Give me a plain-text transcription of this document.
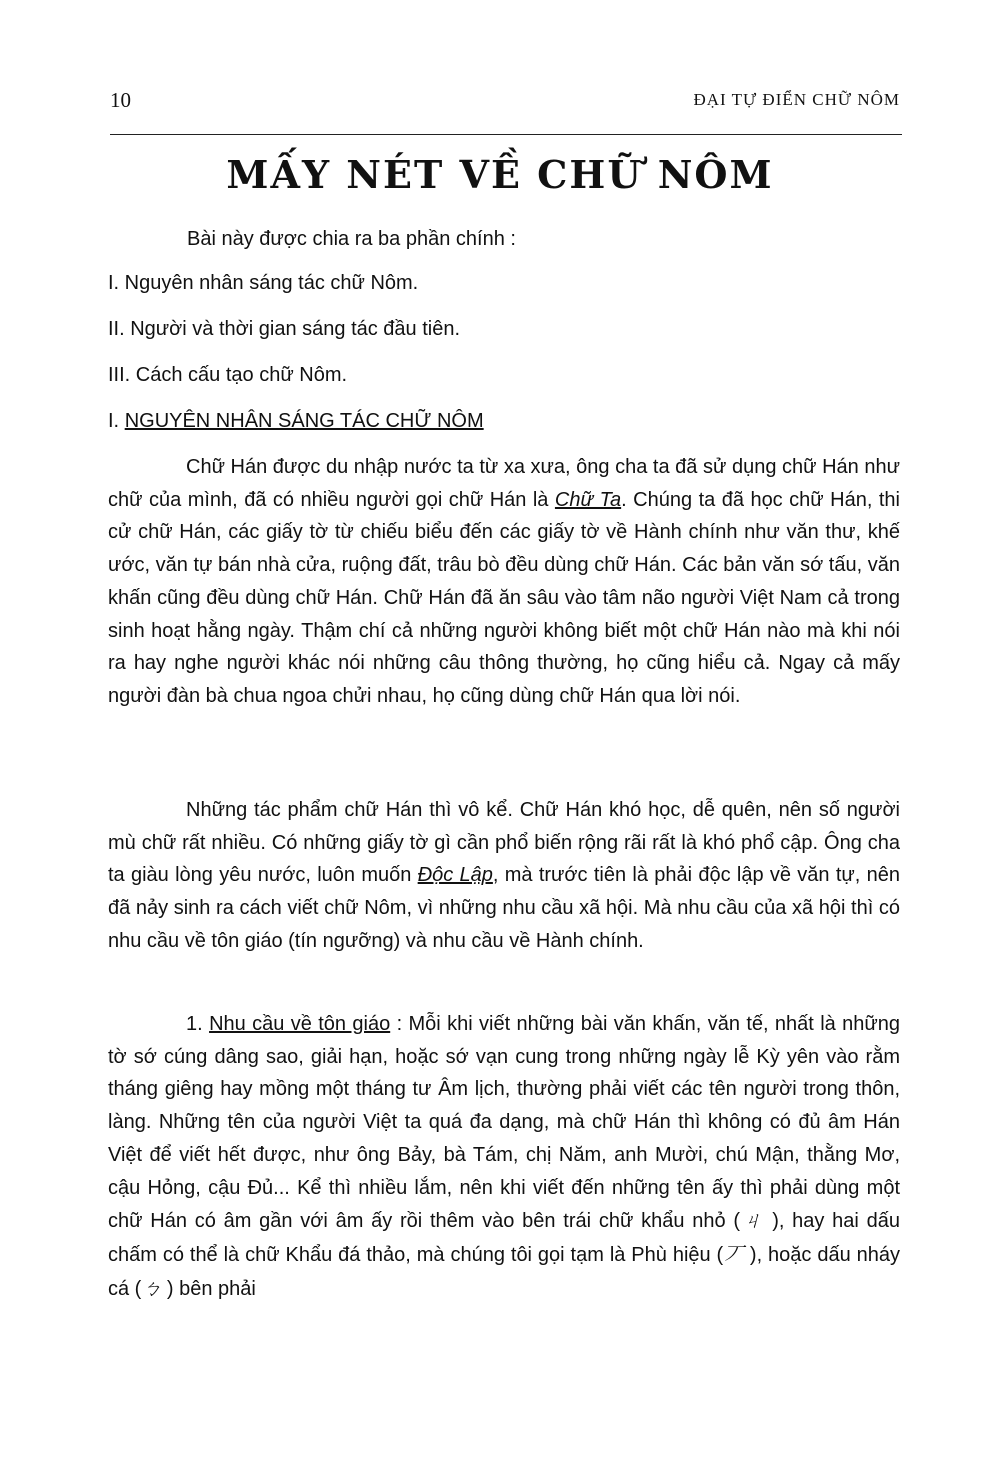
10	ĐẠI TỰ ĐIỂN CHỮ NÔM
MẤY NÉT VỀ CHỮ NÔM
Bài này được chia ra ba phần chính :
I. Nguyên nhân sáng tác chữ Nôm.
II. Người và thời gian sáng tác đầu tiên.
III. Cách cấu tạo chữ Nôm.
I. NGUYÊN NHÂN SÁNG TÁC CHỮ NÔM

Chữ Hán được du nhập nước ta từ xa xưa, ông cha ta đã sử dụng chữ Hán như chữ của mình, đã có nhiều người gọi chữ Hán là Chữ Ta. Chúng ta đã học chữ Hán, thi cử chữ Hán, các giấy tờ từ chiếu biểu đến các giấy tờ về Hành chính như văn thư, khế ước, văn tự bán nhà cửa, ruộng đất, trâu bò đều dùng chữ Hán. Các bản văn sớ tấu, văn khấn cũng đều dùng chữ Hán. Chữ Hán đã ăn sâu vào tâm não người Việt Nam cả trong sinh hoạt hằng ngày. Thậm chí cả những người không biết một chữ Hán nào mà khi nói ra hay nghe người khác nói những câu thông thường, họ cũng hiểu cả. Ngay cả mấy người đàn bà chua ngoa chửi nhau, họ cũng dùng chữ Hán qua lời nói.

Những tác phẩm chữ Hán thì vô kể. Chữ Hán khó học, dễ quên, nên số người mù chữ rất nhiều. Có những giấy tờ gì cần phổ biến rộng rãi rất là khó phổ cập. Ông cha ta giàu lòng yêu nước, luôn muốn Độc Lập, mà trước tiên là phải độc lập về văn tự, nên đã nảy sinh ra cách viết chữ Nôm, vì những nhu cầu xã hội. Mà nhu cầu của xã hội thì có nhu cầu về tôn giáo (tín ngưỡng) và nhu cầu về Hành chính.

1. Nhu cầu về tôn giáo : Mỗi khi viết những bài văn khấn, văn tế, nhất là những tờ sớ cúng dâng sao, giải hạn, hoặc sớ vạn cung trong những ngày lễ Kỳ yên vào rằm tháng giêng hay mồng một tháng tư Âm lịch, thường phải viết các tên người trong thôn, làng. Những tên của người Việt ta quá đa dạng, mà chữ Hán thì không có đủ âm Hán Việt để viết hết được, như ông Bảy, bà Tám, chị Năm, anh Mười, chú Mận, thằng Mơ, cậu Hỏng, cậu Đủ... Kể thì nhiều lắm, nên khi viết đến những tên ấy thì phải dùng một chữ Hán có âm gần với âm ấy rồi thêm vào bên trái chữ khẩu nhỏ (ㄐ ), hay hai dấu chấm có thể là chữ Khẩu đá thảo, mà chúng tôi gọi tạm là Phù hiệu (丆 ), hoặc dấu nháy cá (ㄅ ) bên phải
